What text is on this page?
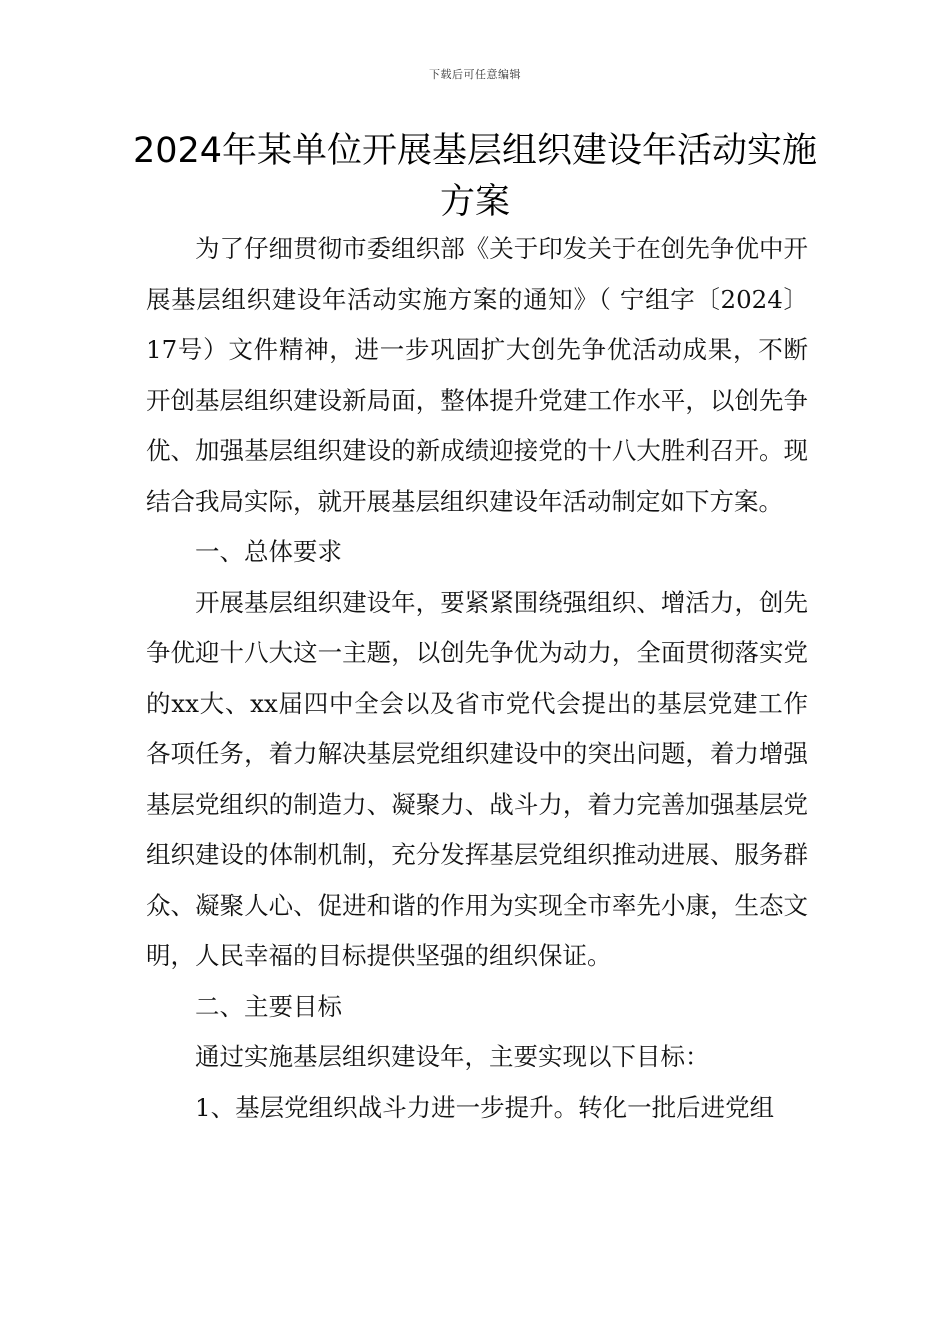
下载后可任意编辑
2024年某单位开展基层组织建设年活动实施方案

为了仔细贯彻市委组织部《关于印发关于在创先争优中开展基层组织建设年活动实施方案的通知》（ 宁组字〔2024〕17号）文件精神，进一步巩固扩大创先争优活动成果，不断开创基层组织建设新局面，整体提升党建工作水平，以创先争优、加强基层组织建设的新成绩迎接党的十八大胜利召开。现结合我局实际，就开展基层组织建设年活动制定如下方案。

一、总体要求

开展基层组织建设年，要紧紧围绕强组织、增活力，创先争优迎十八大这一主题，以创先争优为动力，全面贯彻落实党的xx大、xx届四中全会以及省市党代会提出的基层党建工作各项任务，着力解决基层党组织建设中的突出问题，着力增强基层党组织的制造力、凝聚力、战斗力，着力完善加强基层党组织建设的体制机制，充分发挥基层党组织推动进展、服务群众、凝聚人心、促进和谐的作用为实现全市率先小康，生态文明，人民幸福的目标提供坚强的组织保证。

二、主要目标

通过实施基层组织建设年，主要实现以下目标：

1、基层党组织战斗力进一步提升。转化一批后进党组
